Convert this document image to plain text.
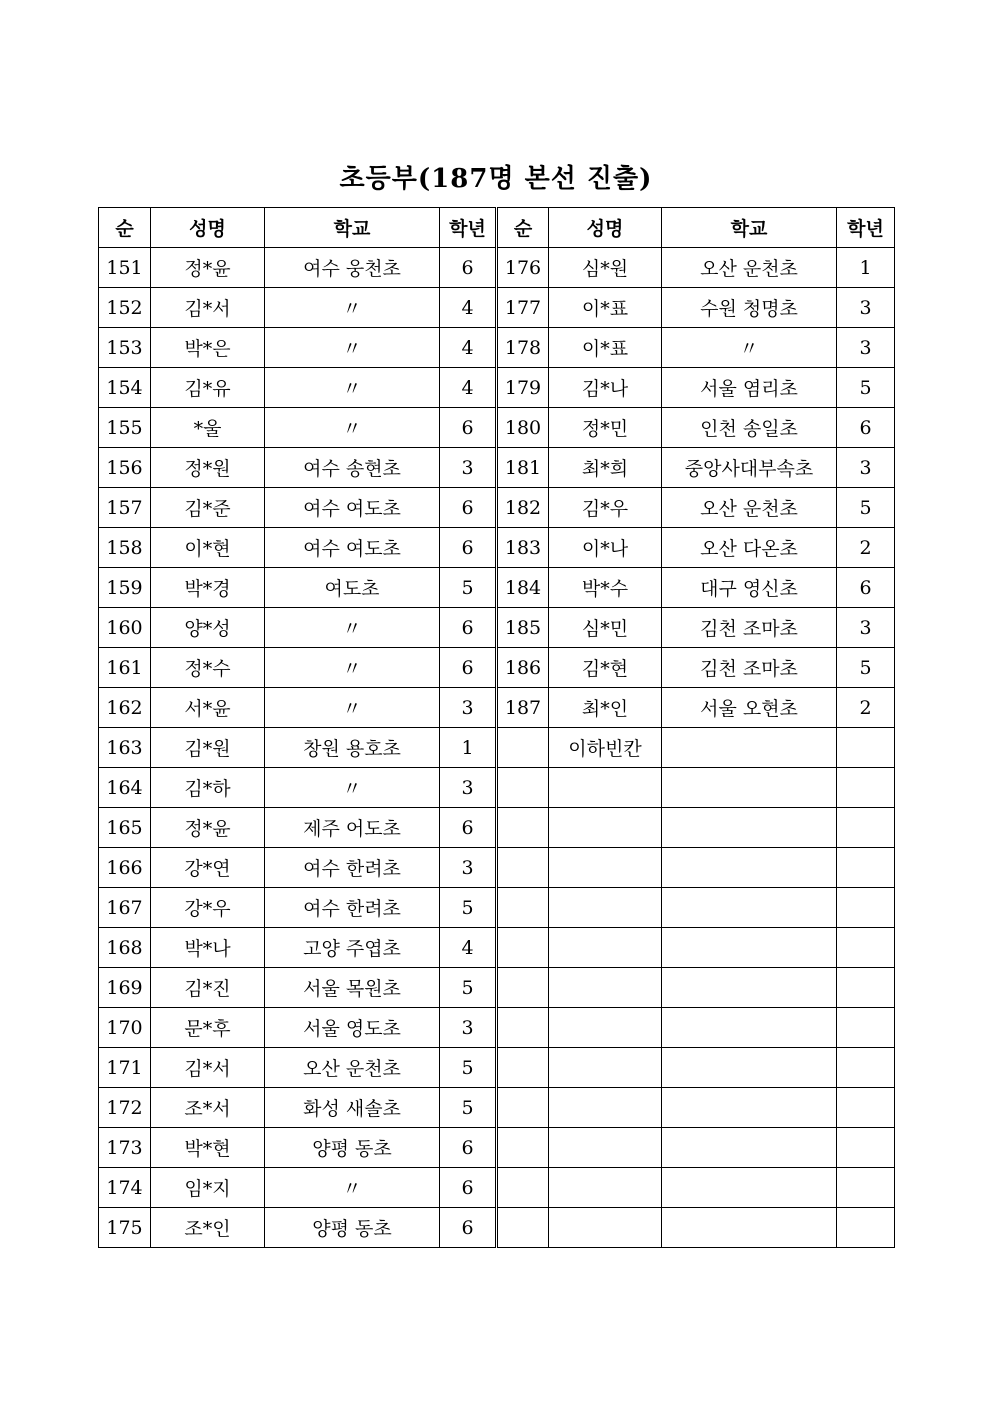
초등부(187명 본선 진출)
순	성명	학교	학년	순	성명	학교	학년
151	정*윤	여수 웅천초	6	176	심*원	오산 운천초	1
152	김*서	〃	4	177	이*표	수원 청명초	3
153	박*은	〃	4	178	이*표	〃	3
154	김*유	〃	4	179	김*나	서울 염리초	5
155	*울	〃	6	180	정*민	인천 송일초	6
156	정*원	여수 송현초	3	181	최*희	중앙사대부속초	3
157	김*준	여수 여도초	6	182	김*우	오산 운천초	5
158	이*현	여수 여도초	6	183	이*나	오산 다온초	2
159	박*경	여도초	5	184	박*수	대구 영신초	6
160	양*성	〃	6	185	심*민	김천 조마초	3
161	정*수	〃	6	186	김*현	김천 조마초	5
162	서*윤	〃	3	187	최*인	서울 오현초	2
163	김*원	창원 용호초	1		이하빈칸		
164	김*하	〃	3				
165	정*윤	제주 어도초	6				
166	강*연	여수 한려초	3				
167	강*우	여수 한려초	5				
168	박*나	고양 주엽초	4				
169	김*진	서울 목원초	5				
170	문*후	서울 영도초	3				
171	김*서	오산 운천초	5				
172	조*서	화성 새솔초	5				
173	박*현	양평 동초	6				
174	임*지	〃	6				
175	조*인	양평 동초	6				
